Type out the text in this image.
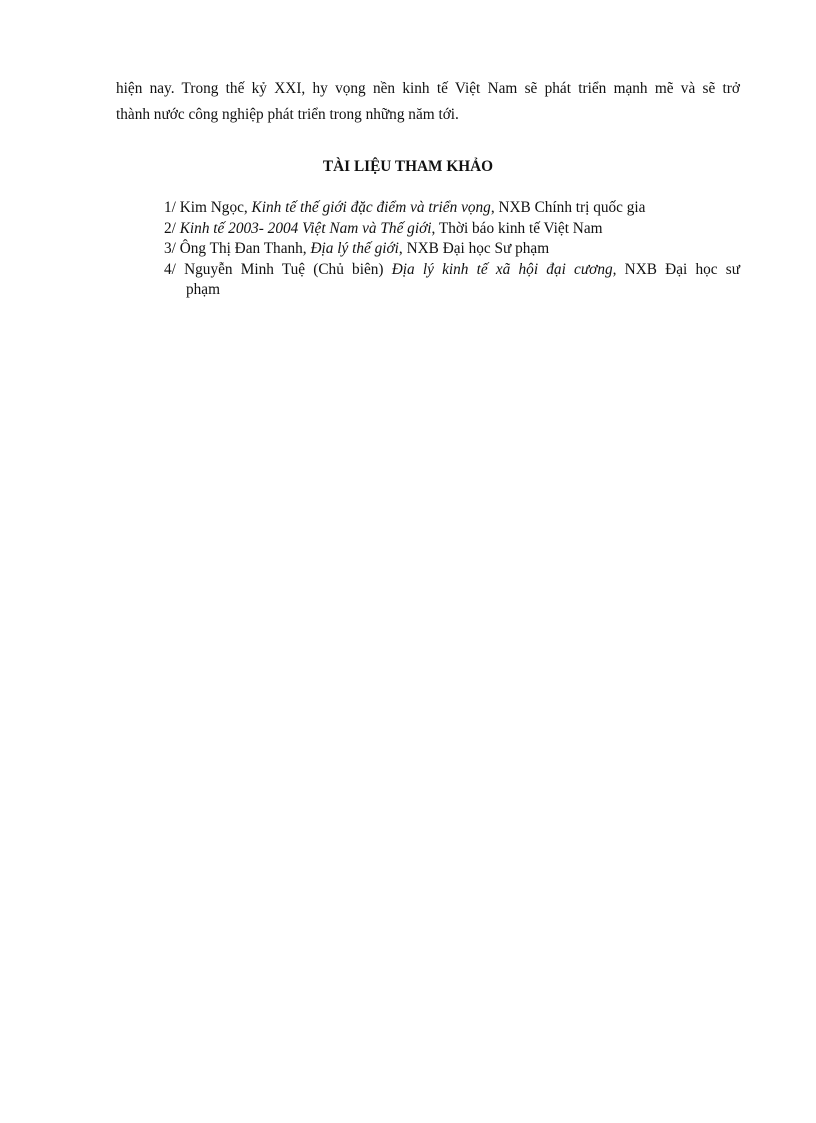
hiện nay. Trong thế kỷ XXI, hy vọng nền kinh tế Việt Nam sẽ phát triển mạnh mẽ và sẽ trở
thành nước công nghiệp phát triển trong những năm tới.

TÀI LIỆU THAM KHẢO
1/ Kim Ngọc, Kinh tế thế giới đặc điểm và triển vọng, NXB Chính trị quốc gia
2/ Kinh tế 2003- 2004 Việt Nam và Thế giới, Thời báo kinh tế Việt Nam
3/ Ông Thị Đan Thanh, Địa lý thế giới, NXB Đại học Sư phạm
4/ Nguyễn Minh Tuệ (Chủ biên) Địa lý kinh tế xã hội đại cương, NXB Đại học sư
phạm
